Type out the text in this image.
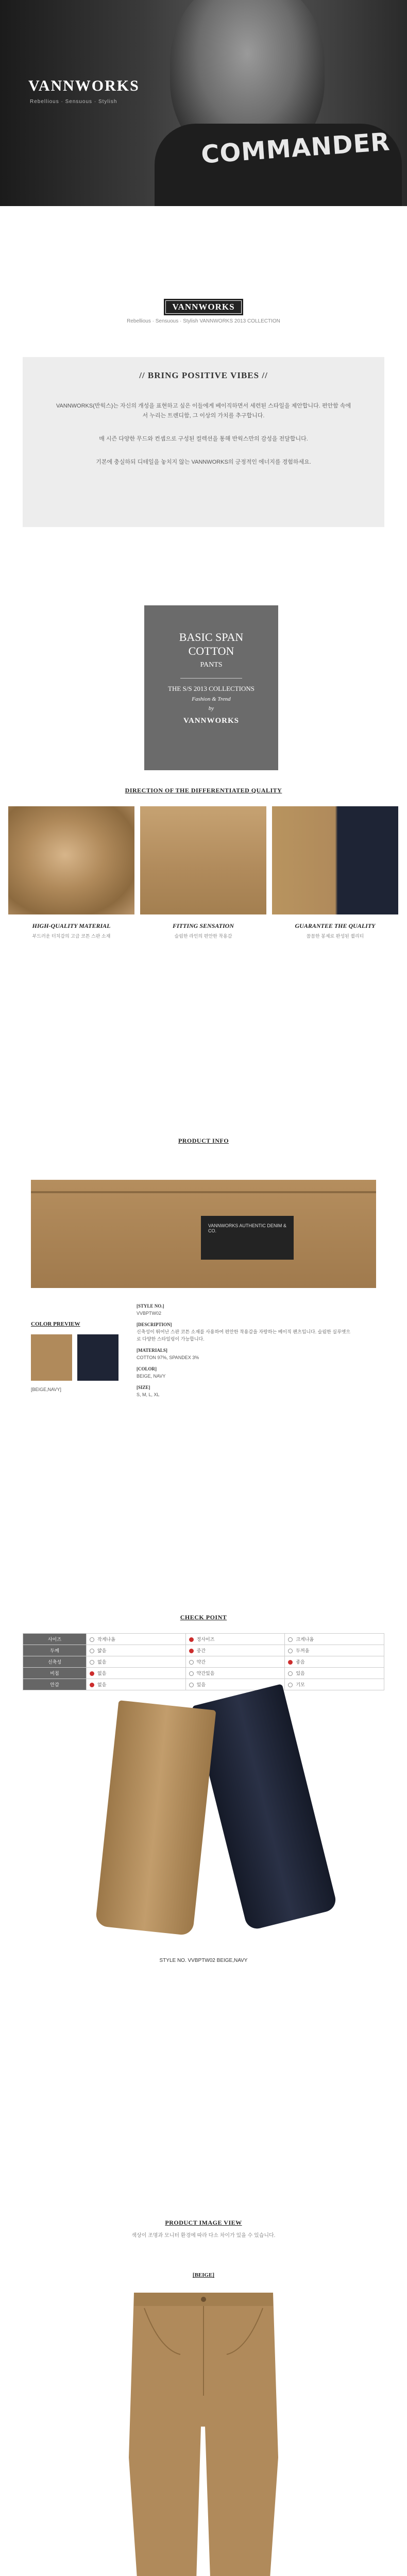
COMMANDER
VANNWORKS
Rebellious · Sensuous · Stylish
VANNWORKS
Rebellious · Sensuous · Stylish VANNWORKS 2013 COLLECTION
// BRING POSITIVE VIBES //

VANNWORKS(반웍스)는 자신의 개성을 표현하고 싶은 이들에게 베이직하면서 세련된 스타일을 제안합니다. 편안함 속에서 누리는 트렌디함, 그 이상의 가치를 추구합니다.

매 시즌 다양한 무드와 컨셉으로 구성된 컬렉션을 통해 반웍스만의 감성을 전달합니다.

기본에 충실하되 디테일을 놓치지 않는 VANNWORKS의 긍정적인 에너지를 경험하세요.

BASIC SPAN
COTTON
PANTS
THE S/S 2013 COLLECTIONS
Fashion & Trend
by
VANNWORKS
DIRECTION OF THE DIFFERENTIATED QUALITY
HIGH-QUALITY MATERIAL	FITTING SENSATION	GUARANTEE THE QUALITY
부드러운 터치감의 고급 코튼 스판 소재	슬림한 라인의 편안한 착용감	꼼꼼한 봉제로 완성된 퀄리티
PRODUCT INFO
VANNWORKS AUTHENTIC DENIM & CO.
COLOR PREVIEW
[BEIGE,NAVY]
[STYLE NO.]
VVBPTW02
[DESCRIPTION]
신축성이 뛰어난 스판 코튼 소재를 사용하여 편안한 착용감을 자랑하는 베이직 팬츠입니다. 슬림한 실루엣으로 다양한 스타일링이 가능합니다.
[MATERIALS]
COTTON 97%, SPANDEX 3%
[COLOR]
BEIGE, NAVY
[SIZE]
S, M, L, XL
CHECK POINT
사이즈	작게나옴	정사이즈	크게나옴
두께	얇음	중간	두꺼움
신축성	없음	약간	좋음
비침	없음	약간있음	있음
안감	없음	있음	기모
STYLE NO. VVBPTW02 BEIGE,NAVY
PRODUCT IMAGE VIEW
색상이 조명과 모니터 환경에 따라 다소 차이가 있을 수 있습니다.
[BEIGE]
